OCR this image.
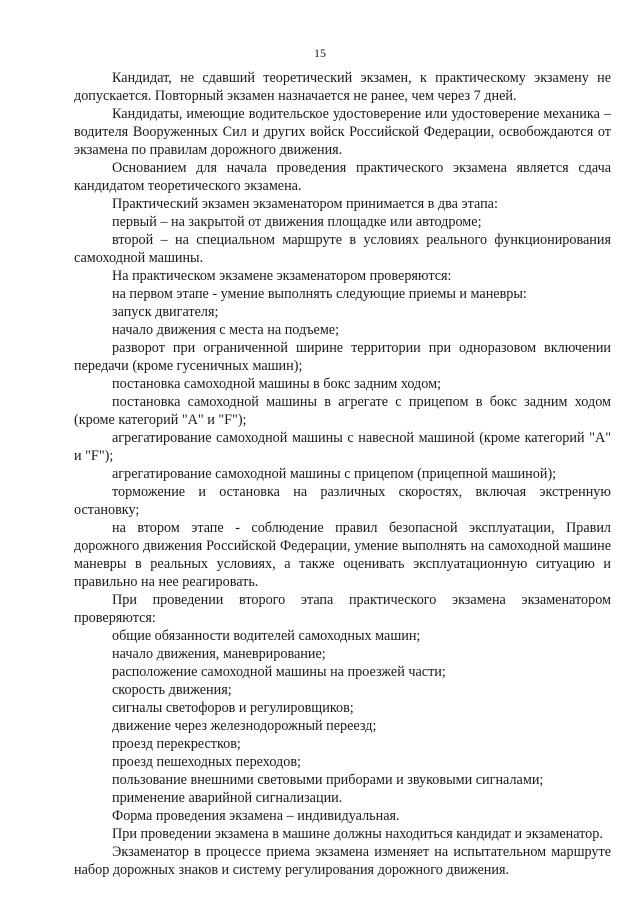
15

Кандидат, не сдавший теоретический экзамен, к практическому экзамену не допускается. Повторный экзамен назначается не ранее, чем через 7 дней.

Кандидаты, имеющие водительское удостоверение или удостоверение механика – водителя Вооруженных Сил и других войск Российской Федерации, освобождаются от экзамена по правилам дорожного движения.

Основанием для начала проведения практического экзамена является сдача кандидатом теоретического экзамена.

Практический экзамен экзаменатором принимается в два этапа:

первый – на закрытой от движения площадке или автодроме;

второй – на специальном маршруте в условиях реального функционирования самоходной машины.

На практическом экзамене экзаменатором проверяются:

на первом этапе - умение выполнять следующие приемы и маневры:

запуск двигателя;

начало движения с места на подъеме;

разворот при ограниченной ширине территории при одноразовом включении передачи (кроме гусеничных машин);

постановка самоходной машины в бокс задним ходом;

постановка самоходной машины в агрегате с прицепом в бокс задним ходом (кроме категорий "А" и "F");

агрегатирование самоходной машины с навесной машиной (кроме категорий "А" и "F");

агрегатирование самоходной машины с прицепом (прицепной машиной);

торможение и остановка на различных скоростях, включая экстренную остановку;

на втором этапе - соблюдение правил безопасной эксплуатации, Правил дорожного движения Российской Федерации, умение выполнять на самоходной машине маневры в реальных условиях, а также оценивать эксплуатационную ситуацию и правильно на нее реагировать.

При проведении второго этапа практического экзамена экзаменатором проверяются:

общие обязанности водителей самоходных машин;

начало движения, маневрирование;

расположение самоходной машины на проезжей части;

скорость движения;

сигналы светофоров и регулировщиков;

движение через железнодорожный переезд;

проезд перекрестков;

проезд пешеходных переходов;

пользование внешними световыми приборами и звуковыми сигналами;

применение аварийной сигнализации.

Форма проведения экзамена – индивидуальная.

При проведении экзамена в машине должны находиться кандидат и экзаменатор.

Экзаменатор в процессе приема экзамена изменяет на испытательном маршруте набор дорожных знаков и систему регулирования дорожного движения.
